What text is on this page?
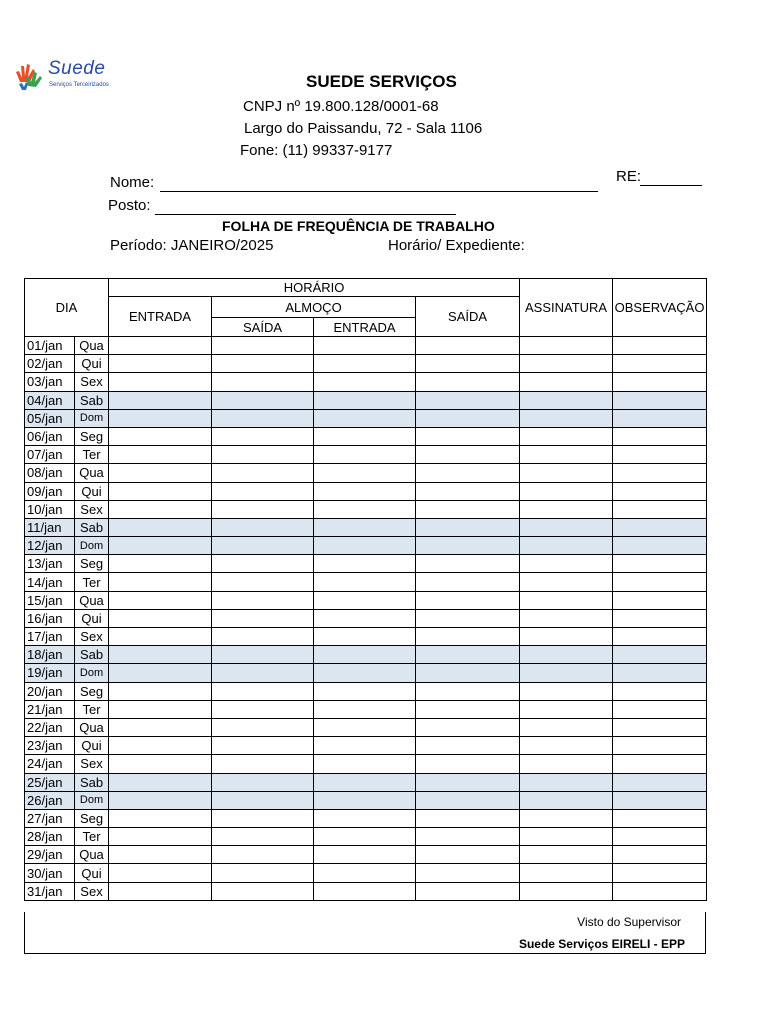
Suede
Serviços Terceirizados	SUEDE SERVIÇOS
CNPJ nº 19.800.128/0001-68
Largo do Paissandu, 72 - Sala 1106
Fone: (11) 99337-9177
Nome:	RE:
Posto:
FOLHA DE FREQUÊNCIA DE TRABALHO
Período: JANEIRO/2025	Horário/ Expediente:
DIA		HORÁRIO				ASSINATURA	OBSERVAÇÃO
		ENTRADA	ALMOÇO		SAÍDA		
			SAÍDA	ENTRADA			
01/jan	Qua						
02/jan	Qui						
03/jan	Sex						
04/jan	Sab						
05/jan	Dom						
06/jan	Seg						
07/jan	Ter						
08/jan	Qua						
09/jan	Qui						
10/jan	Sex						
11/jan	Sab						
12/jan	Dom						
13/jan	Seg						
14/jan	Ter						
15/jan	Qua						
16/jan	Qui						
17/jan	Sex						
18/jan	Sab						
19/jan	Dom						
20/jan	Seg						
21/jan	Ter						
22/jan	Qua						
23/jan	Qui						
24/jan	Sex						
25/jan	Sab						
26/jan	Dom						
27/jan	Seg						
28/jan	Ter						
29/jan	Qua						
30/jan	Qui						
31/jan	Sex						
Visto do Supervisor
Suede Serviços EIRELI - EPP
